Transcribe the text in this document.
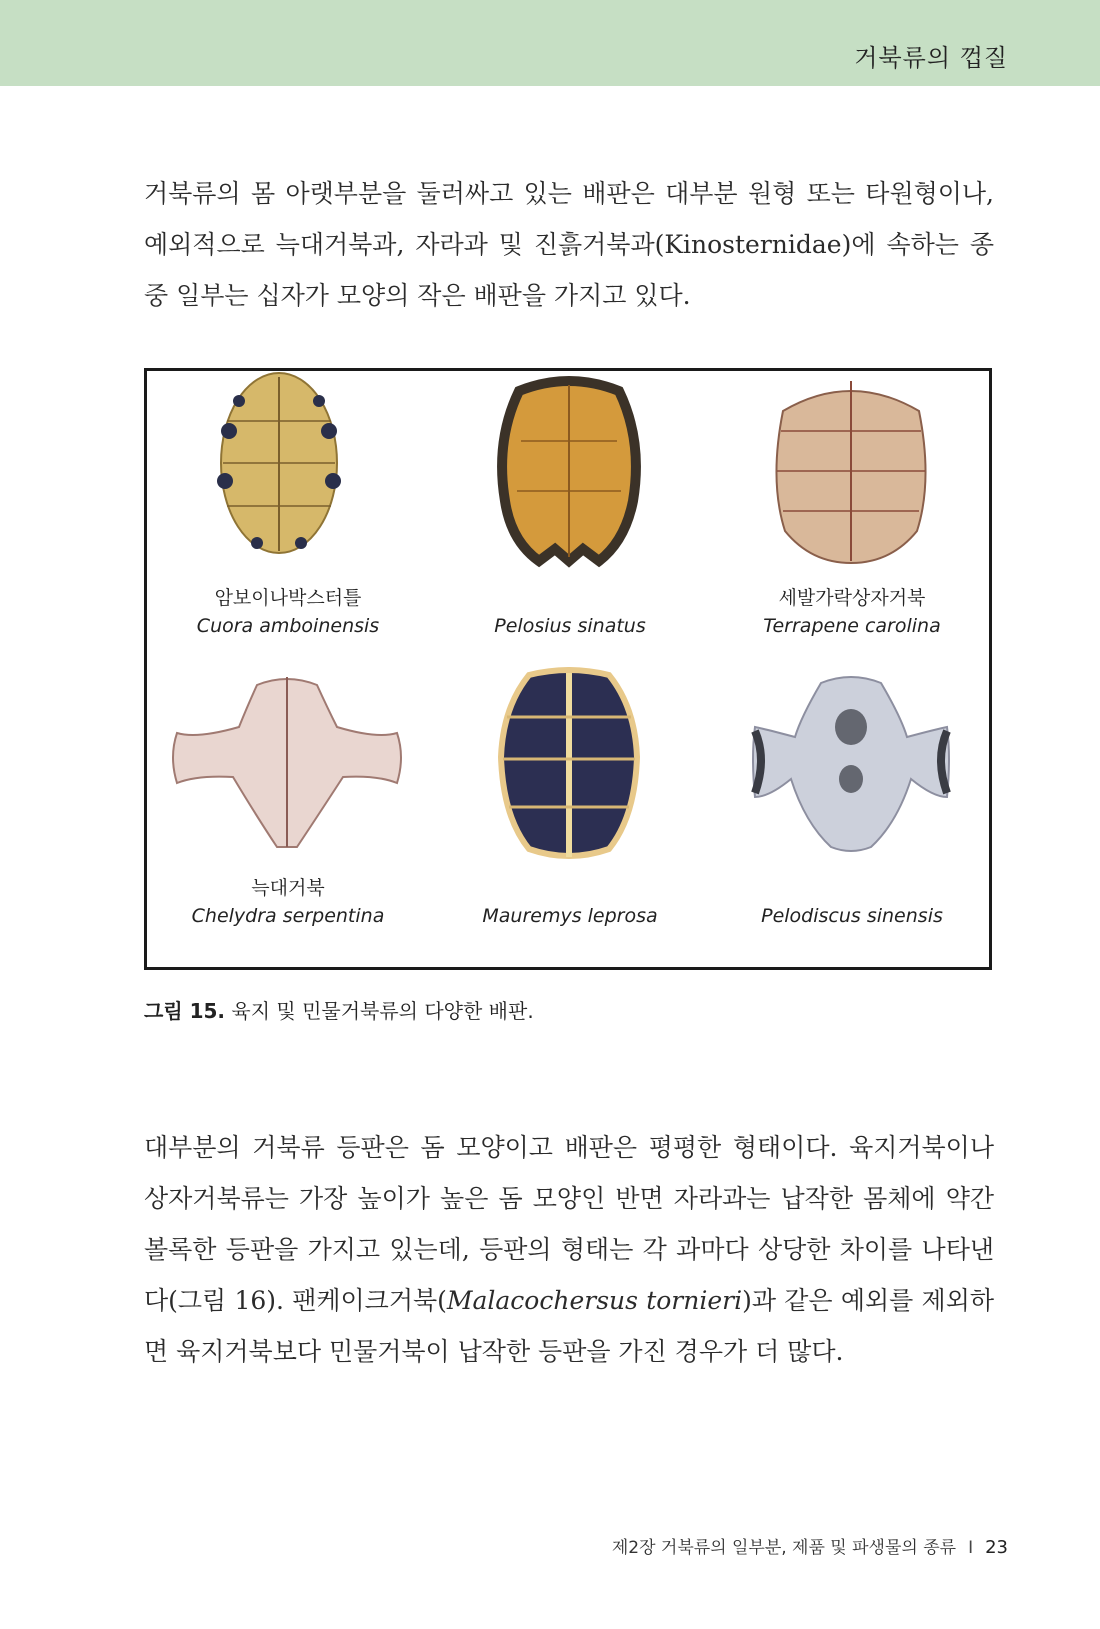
거북류의 껍질

거북류의 몸 아랫부분을 둘러싸고 있는 배판은 대부분 원형 또는 타원형이나, 예외적으로 늑대거북과, 자라과 및 진흙거북과(Kinosternidae)에 속하는 종 중 일부는 십자가 모양의 작은 배판을 가지고 있다.

암보이나박스터틀
Cuora amboinensis	Pelosius sinatus
세발가락상자거북
Terrapene carolina
늑대거북
Chelydra serpentina	Mauremys leprosa	Pelodiscus sinensis
그림 15. 육지 및 민물거북류의 다양한 배판.

대부분의 거북류 등판은 돔 모양이고 배판은 평평한 형태이다. 육지거북이나 상자거북류는 가장 높이가 높은 돔 모양인 반면 자라과는 납작한 몸체에 약간 볼록한 등판을 가지고 있는데, 등판의 형태는 각 과마다 상당한 차이를 나타낸다(그림 16). 팬케이크거북(Malacochersus tornieri)과 같은 예외를 제외하면 육지거북보다 민물거북이 납작한 등판을 가진 경우가 더 많다.

제2장 거북류의 일부분, 제품 및 파생물의 종류 I 23
